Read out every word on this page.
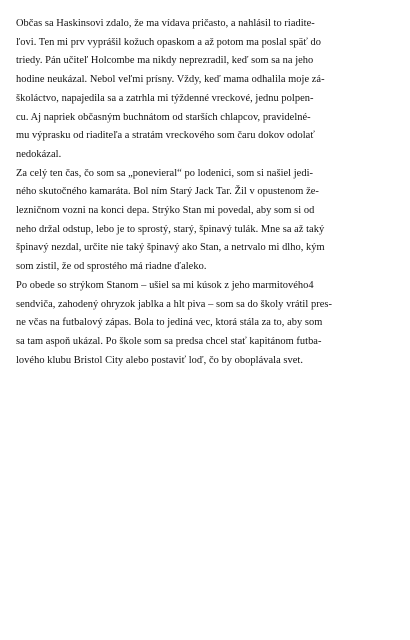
Občas sa Haskinsovi zdalo, že ma vídava pričasto, a nahlásil to riadite-
ľovi. Ten mi prv vyprášil kožuch opaskom a až potom ma poslal späť do
triedy. Pán učiteľ Holcombe ma nikdy neprezradil, keď som sa na jeho
hodine neukázal. Nebol veľmi prísny. Vždy, keď mama odhalila moje zá-
školáctvo, napajedila sa a zatrhla mi týždenné vreckové, jednu polpen-
cu. Aj napriek občasným buchnátom od starších chlapcov, pravidelné-
mu výprasku od riaditeľa a stratám vreckového som čaru dokov odolať
nedokázal.
Za celý ten čas, čo som sa „ponevieral“ po lodenici, som si našiel jedi-
ného skutočného kamaráta. Bol ním Starý Jack Tar. Žil v opustenom že-
lezničnom vozni na konci depa. Strýko Stan mi povedal, aby som si od
neho držal odstup, lebo je to sprostý, starý, špinavý tulák. Mne sa až taký
špinavý nezdal, určite nie taký špinavý ako Stan, a netrvalo mi dlho, kým
som zistil, že od sprostého má riadne ďaleko.
Po obede so strýkom Stanom – ušiel sa mi kúsok z jeho marmitového4
sendviča, zahodený ohryzok jablka a hlt piva – som sa do školy vrátil pres-
ne včas na futbalový zápas. Bola to jediná vec, ktorá stála za to, aby som
sa tam aspoň ukázal. Po škole som sa predsa chcel stať kapitánom futba-
lového klubu Bristol City alebo postaviť loď, čo by oboplávala svet.
